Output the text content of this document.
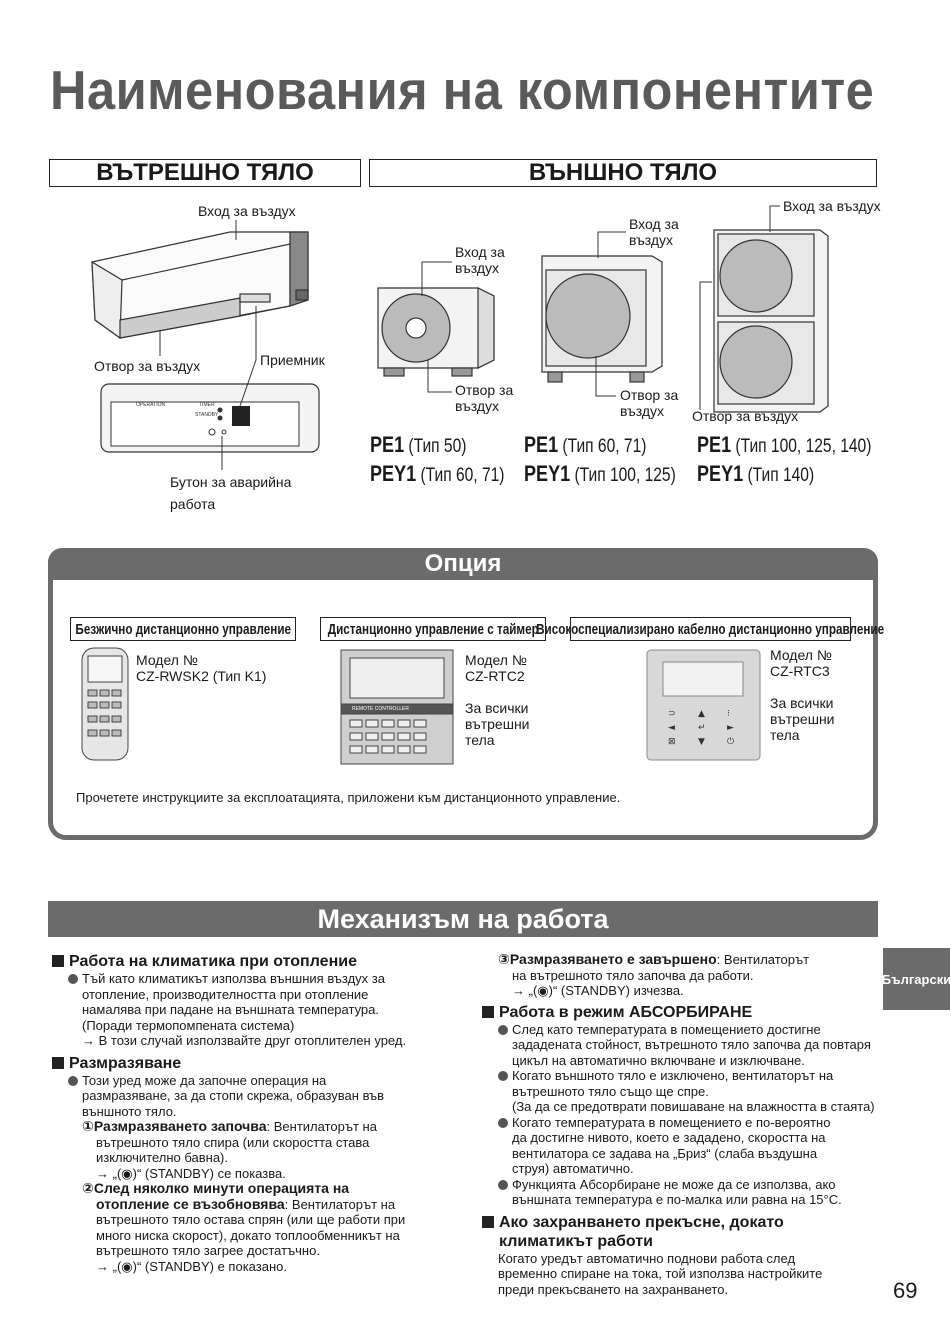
Наименования на компонентите
ВЪТРЕШНО ТЯЛО	ВЪНШНО ТЯЛО
OPERATION	TIMER
STANDBY
Вход за въздух
Отвор за въздух	Приемник
Бутон за аварийна
работа
Вход за
въздух
Отвор за
въздух
Вход за
въздух
Отвор за
въздух
Вход за въздух
Отвор за въздух
PE1 (Тип 50)
PEY1 (Тип 60, 71)
PE1 (Тип 60, 71)
PEY1 (Тип 100, 125)
PE1 (Тип 100, 125, 140)
PEY1 (Тип 140)
Опция
Безжично дистанционно управление Дистанционно управление с таймер
Високоспециализирано кабелно дистанционно управление
⊃ ▲ ⁝
◄	↵ ►
⊠ ▼ ⏻
REMOTE CONTROLLER
Модел №
CZ-RWSK2 (Тип K1)
Модел №
CZ-RTC2
За всички
вътрешни
тела
Модел №
CZ-RTC3
За всички
вътрешни
тела
Прочетете инструкциите за експлоатацията, приложени към дистанционното управление.
Механизъм на работа
Работа на климатика при отопление
Тъй като климатикът използва външния въздух за
отопление, производителността при отопление
намалява при падане на външната температура.
(Поради термопомпената система)
→ В този случай използвайте друг отоплителен уред.
Размразяване
Този уред може да започне операция на
размразяване, за да стопи скрежа, образуван във
външното тяло.
①Размразяването започва: Вентилаторът на
вътрешното тяло спира (или скоростта става
изключително бавна).
→ „(◉)“ (STANDBY) се показва.
②След няколко минути операцията на
отопление се възобновява: Вентилаторът на
вътрешното тяло остава спрян (или ще работи при
много ниска скорост), докато топлообменникът на
вътрешното тяло загрее достатъчно.
→ „(◉)“ (STANDBY) е показано.
③Размразяването е завършено: Вентилаторът
на вътрешното тяло започва да работи.
→ „(◉)“ (STANDBY) изчезва.
Работа в режим АБСОРБИРАНЕ
След като температурата в помещението достигне
зададената стойност, вътрешното тяло започва да повтаря
цикъл на автоматично включване и изключване.
Когато външното тяло е изключено, вентилаторът на
вътрешното тяло също ще спре.
(За да се предотврати повишаване на влажността в стаята)
Когато температурата в помещението е по-вероятно
да достигне нивото, което е зададено, скоростта на
вентилатора се задава на „Бриз“ (слаба въздушна
струя) автоматично.
Функцията Абсорбиране не може да се използва, ако
външната температура е по-малка или равна на 15°C.
Ако захранването прекъсне, докато
климатикът работи
Когато уредът автоматично поднови работа след
временно спиране на тока, той използва настройките
преди прекъсването на захранването.
Български
69
